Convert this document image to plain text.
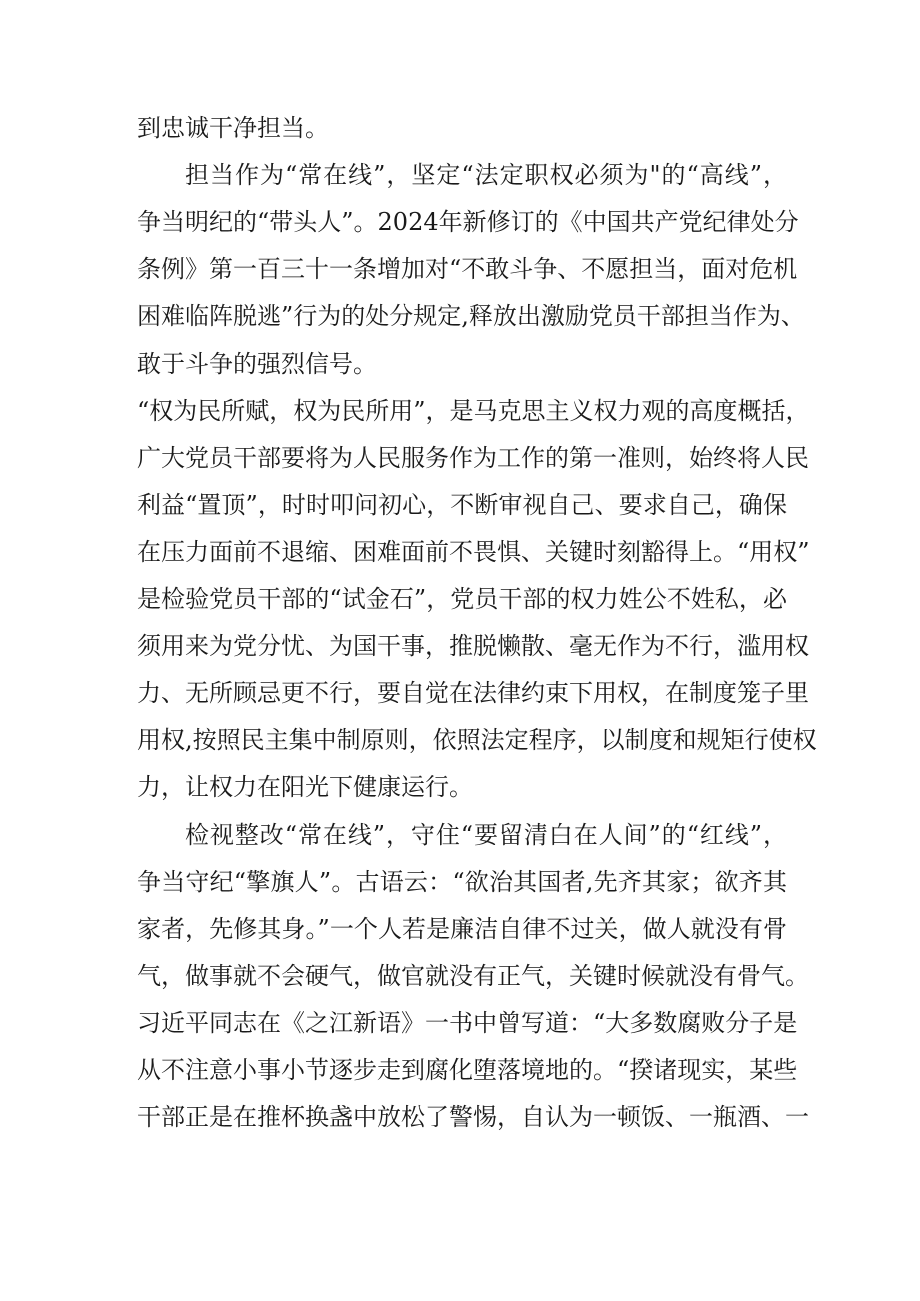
到忠诚干净担当。
担当作为“常在线”，坚定“法定职权必须为"的“高线”，
争当明纪的“带头人”。2024年新修订的《中国共产党纪律处分
条例》第一百三十一条增加对“不敢斗争、不愿担当，面对危机
困难临阵脱逃”行为的处分规定,释放出激励党员干部担当作为、
敢于斗争的强烈信号。
“权为民所赋，权为民所用”，是马克思主义权力观的高度概括，
广大党员干部要将为人民服务作为工作的第一准则，始终将人民
利益“置顶”，时时叩问初心，不断审视自己、要求自己，确保
在压力面前不退缩、困难面前不畏惧、关键时刻豁得上。“用权”
是检验党员干部的“试金石”，党员干部的权力姓公不姓私，必
须用来为党分忧、为国干事，推脱懒散、毫无作为不行，滥用权
力、无所顾忌更不行，要自觉在法律约束下用权，在制度笼子里
用权,按照民主集中制原则，依照法定程序，以制度和规矩行使权
力，让权力在阳光下健康运行。
检视整改“常在线”，守住“要留清白在人间”的“红线”，
争当守纪“擎旗人”。古语云：“欲治其国者,先齐其家；欲齐其
家者，先修其身。”一个人若是廉洁自律不过关，做人就没有骨
气，做事就不会硬气，做官就没有正气，关键时候就没有骨气。
习近平同志在《之江新语》一书中曾写道：“大多数腐败分子是
从不注意小事小节逐步走到腐化堕落境地的。“揆诸现实，某些
干部正是在推杯换盏中放松了警惕，自认为一顿饭、一瓶酒、一
